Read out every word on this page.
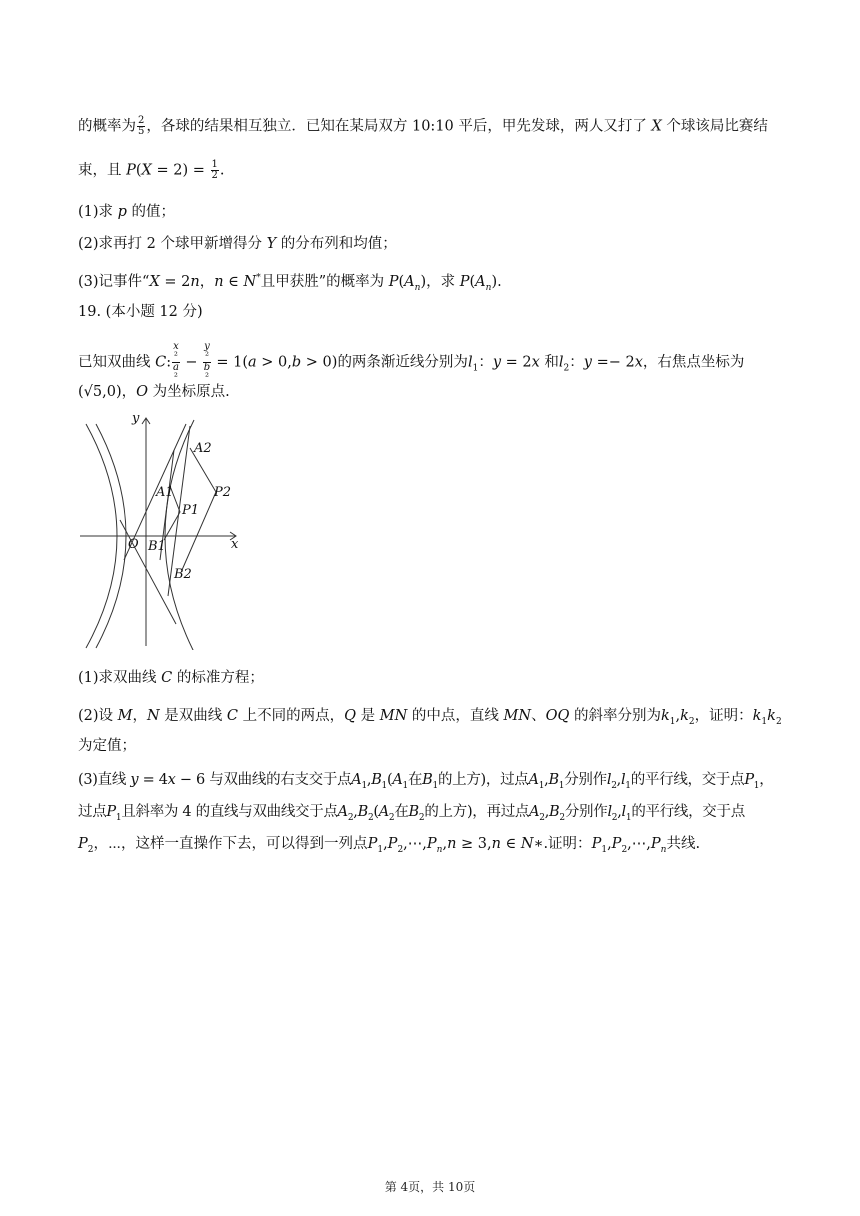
的概率为 $\frac{2}{5}$ ，各球的结果相互独立．已知在某局双方 10:10 平后，甲先发球，两人又打了 X 个球该局比赛结
束，且 $P(X = 2) = \frac{1}{2}$ .
(1)求 p 的值；
(2)求再打 2 个球甲新增得分 Y 的分布列和均值；
(3)记事件“X = 2n，n ∈ N*且甲获胜”的概率为 $P(A_n)$，求 $P(A_n)$.
19. (本小题 12 分)
已知双曲线 C: x
²
a
² − y
²
b
² = 1(a > 0,b > 0)的两条渐近线分别为$l_1$：y = 2x 和$l_2$：y =− 2x，右焦点坐标为
(√5,0)，O 为坐标原点.
y
x
O
A1
A2
B1
B2
P1
P2
(1)求双曲线 C 的标准方程；
(2)设 M，N 是双曲线 C 上不同的两点，Q 是 MN 的中点，直线 MN、OQ 的斜率分别为$k_1,k_2$，证明：$k_1k_2$
为定值；
(3)直线 y = 4x − 6 与双曲线的右支交于点$A_1,B_1(A_1$在$B_1$的上方)，过点$A_1,B_1$分别作$l_2,l_1$的平行线，交于点$P_1$，
过点$P_1$且斜率为 4 的直线与双曲线交于点$A_2,B_2(A_2$在$B_2$的上方)，再过点$A_2,B_2$分别作$l_2,l_1$的平行线，交于点
$P_2$，⋯，这样一直操作下去，可以得到一列点$P_1,P_2,\cdots,P_n,n \ge 3,n$ ∈ N∗.证明：$P_1,P_2,\cdots,P_n$共线.
第 4页，共 10页
